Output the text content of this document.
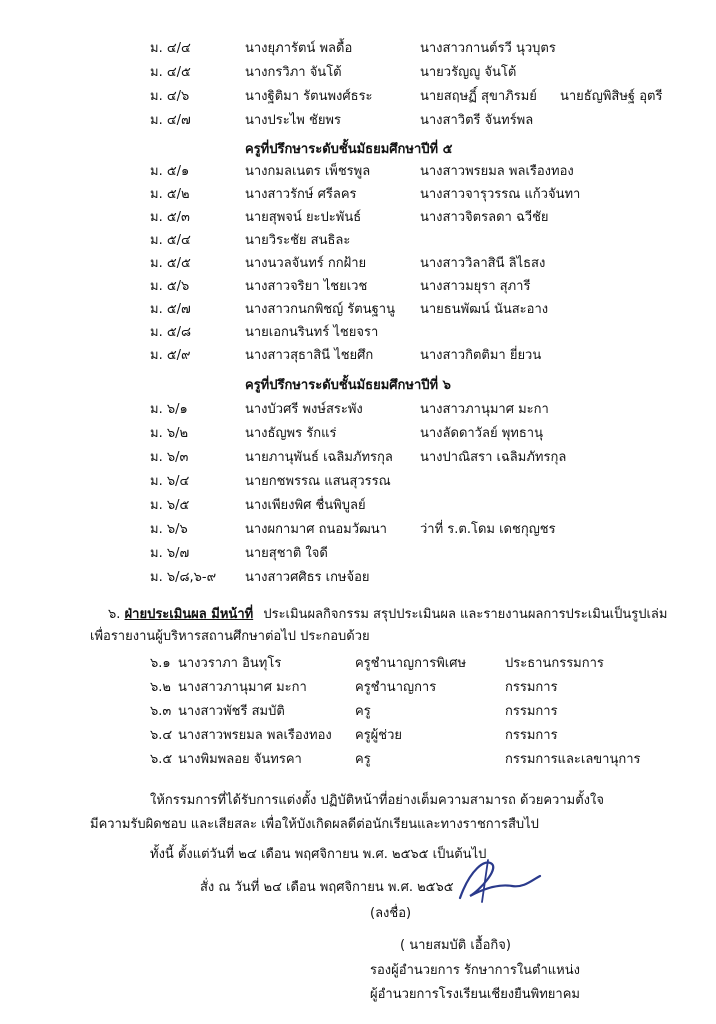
ม. ๔/๔	นางยุภารัตน์ พลดื้อ	นางสาวกานต์รวี นุวบุตร
ม. ๔/๕	นางกรวิภา จันโต้	นายวรัญญู จันโต้
ม. ๔/๖	นางฐิติมา รัตนพงศ์ธระ	นายสฤษฏิ์ สุขาภิรมย์ นายธัญพิสิษฐ์ อุตรี
ม. ๔/๗	นางประไพ ชัยพร	นางสาวิตรี จันทร์พล
ครูที่ปรึกษาระดับชั้นมัธยมศึกษาปีที่ ๕
ม. ๕/๑	นางกมลเนตร เพ็ชรพูล	นางสาวพรยมล พลเรืองทอง
ม. ๕/๒	นางสาวรักษ์ ศรีลคร	นางสาวจารุวรรณ แก้วจันทา
ม. ๕/๓	นายสุพจน์ ยะปะพันธ์	นางสาวจิตรลดา ฉวีชัย
ม. ๕/๔	นายวิระชัย สนธิละ
ม. ๕/๕	นางนวลจันทร์ กกฝ้าย	นางสาววิลาสินี ลิไธสง
ม. ๕/๖	นางสาวจริยา ไชยเวช	นางสาวมยุรา สุภารี
ม. ๕/๗	นางสาวกนกพิชญ์ รัตนฐานู นายธนพัฒน์ นันสะอาง
ม. ๕/๘	นายเอกนรินทร์ ไชยจรา
ม. ๕/๙	นางสาวสุธาสินี ไชยศึก	นางสาวกิตติมา ยี่ยวน
ครูที่ปรึกษาระดับชั้นมัธยมศึกษาปีที่ ๖
ม. ๖/๑	นางบัวศรี พงษ์สระพัง	นางสาวภานุมาศ มะกา
ม. ๖/๒	นางธัญพร รักแร่	นางลัดดาวัลย์ พุทธานุ
ม. ๖/๓	นายภานุพันธ์ เฉลิมภัทรกุล นางปาณิสรา เฉลิมภัทรกุล
ม. ๖/๔	นายกชพรรณ แสนสุวรรณ
ม. ๖/๕	นางเพียงพิศ ชื่นพิบูลย์
ม. ๖/๖	นางผกามาศ ถนอมวัฒนา	ว่าที่ ร.ต.โดม เดชกุญชร
ม. ๖/๗	นายสุชาติ ใจดี
ม. ๖/๘,๖-๙ นางสาวศศิธร เกษจ้อย
๖. ฝ่ายประเมินผล มีหน้าที่ ประเมินผลกิจกรรม สรุปประเมินผล และรายงานผลการประเมินเป็นรูปเล่ม
เพื่อรายงานผู้บริหารสถานศึกษาต่อไป ประกอบด้วย
๖.๑ นางวราภา อินทุโร	ครูชำนาญการพิเศษ	ประธานกรรมการ
๖.๒ นางสาวภานุมาศ มะกา	ครูชำนาญการ	กรรมการ
๖.๓ นางสาวพัชรี สมบัติ	ครู	กรรมการ
๖.๔ นางสาวพรยมล พลเรืองทอง ครูผู้ช่วย	กรรมการ
๖.๕ นางพิมพลอย จันทรคา	ครู	กรรมการและเลขานุการ
ให้กรรมการที่ได้รับการแต่งตั้ง ปฏิบัติหน้าที่อย่างเต็มความสามารถ ด้วยความตั้งใจ
มีความรับผิดชอบ และเสียสละ เพื่อให้บังเกิดผลดีต่อนักเรียนและทางราชการสืบไป
ทั้งนี้ ตั้งแต่วันที่ ๒๔ เดือน พฤศจิกายน พ.ศ. ๒๕๖๕ เป็นต้นไป
สั่ง ณ วันที่ ๒๔ เดือน พฤศจิกายน พ.ศ. ๒๕๖๕
(ลงชื่อ)
( นายสมบัติ เอื้อกิจ)
รองผู้อำนวยการ รักษาการในตำแหน่ง
ผู้อำนวยการโรงเรียนเชียงยืนพิทยาคม
